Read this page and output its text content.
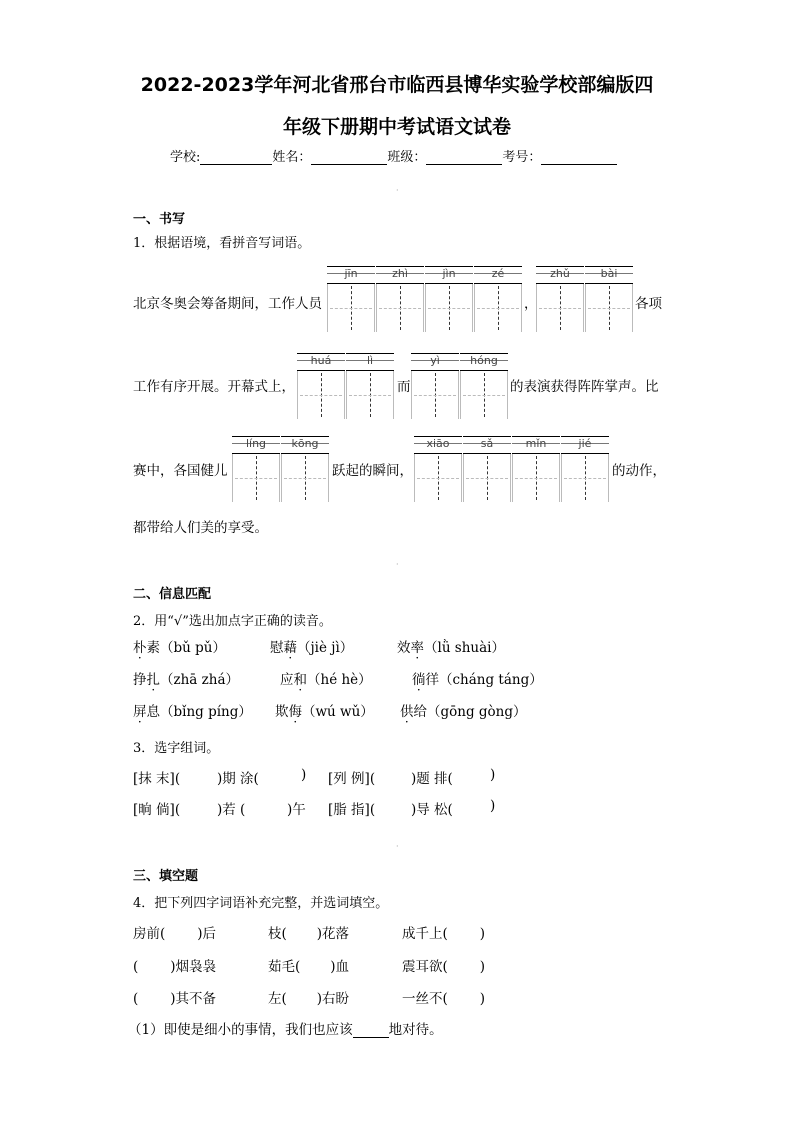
2022-2023学年河北省邢台市临西县博华实验学校部编版四
年级下册期中考试语文试卷
学校:	姓名：	班级：	考号：
·
一、书写
1．根据语境，看拼音写词语。
北京冬奥会筹备期间，工作人员
jīn	zhì	jìn	zé
，
zhǔ	bài
各项
工作有序开展。开幕式上，
huá	lì
而
yì	hóng
的表演获得阵阵掌声。比
赛中，各国健儿
líng	kōng
跃起的瞬间，
xiāo	sǎ	mǐn	jié
的动作，
都带给人们美的享受。
·
二、信息匹配
2．用“√”选出加点字正确的读音。
朴素（bǔ pǔ）	慰藉（jiè jì）	效率（lǜ shuài）
挣扎（zhā zhá）	应和（hé hè）	徜徉（cháng táng）
屏息（bǐng píng） 欺侮（wú wǔ） 供给（gōng gòng）
3．选字组词。
[抹 末](	)期 涂(	) [列 例](	)题 排(	)
[晌 倘](	)若 (	)午 [脂 指](	)导 松(	)
·
三、填空题
4．把下列四字词语补充完整，并选词填空。
房前( )后	枝( )花落	成千上( )
( )烟袅袅	茹毛( )血	震耳欲( )
( )其不备	左( )右盼	一丝不( )
（1）即使是细小的事情，我们也应该	地对待。
